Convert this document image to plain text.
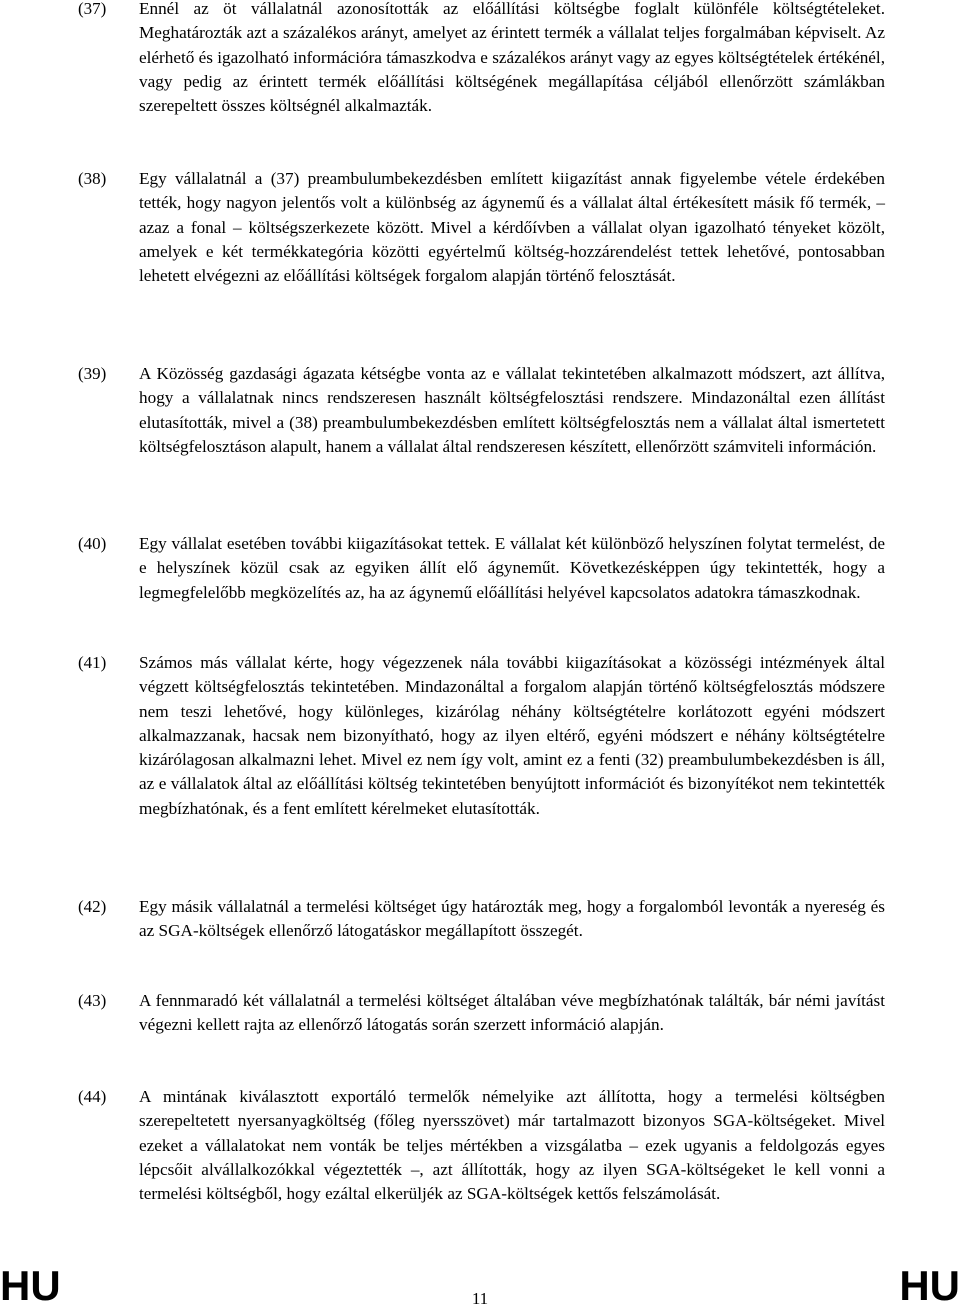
(37) Ennél az öt vállalatnál azonosították az előállítási költségbe foglalt különféle költségtételeket. Meghatározták azt a százalékos arányt, amelyet az érintett termék a vállalat teljes forgalmában képviselt. Az elérhető és igazolható információra támaszkodva e százalékos arányt vagy az egyes költségtételek értékénél, vagy pedig az érintett termék előállítási költségének megállapítása céljából ellenőrzött számlákban szerepeltett összes költségnél alkalmazták.
(38) Egy vállalatnál a (37) preambulumbekezdésben említett kiigazítást annak figyelembe vétele érdekében tették, hogy nagyon jelentős volt a különbség az ágynemű és a vállalat által értékesített másik fő termék, – azaz a fonal – költségszerkezete között. Mivel a kérdőívben a vállalat olyan igazolható tényeket közölt, amelyek e két termékkategória közötti egyértelmű költség-hozzárendelést tettek lehetővé, pontosabban lehetett elvégezni az előállítási költségek forgalom alapján történő felosztását.
(39) A Közösség gazdasági ágazata kétségbe vonta az e vállalat tekintetében alkalmazott módszert, azt állítva, hogy a vállalatnak nincs rendszeresen használt költségfelosztási rendszere. Mindazonáltal ezen állítást elutasították, mivel a (38) preambulumbekezdésben említett költségfelosztás nem a vállalat által ismertetett költségfelosztáson alapult, hanem a vállalat által rendszeresen készített, ellenőrzött számviteli információn.
(40) Egy vállalat esetében további kiigazításokat tettek. E vállalat két különböző helyszínen folytat termelést, de e helyszínek közül csak az egyiken állít elő ágyneműt. Következésképpen úgy tekintették, hogy a legmegfelelőbb megközelítés az, ha az ágynemű előállítási helyével kapcsolatos adatokra támaszkodnak.
(41) Számos más vállalat kérte, hogy végezzenek nála további kiigazításokat a közösségi intézmények által végzett költségfelosztás tekintetében. Mindazonáltal a forgalom alapján történő költségfelosztás módszere nem teszi lehetővé, hogy különleges, kizárólag néhány költségtételre korlátozott egyéni módszert alkalmazzanak, hacsak nem bizonyítható, hogy az ilyen eltérő, egyéni módszert e néhány költségtételre kizárólagosan alkalmazni lehet. Mivel ez nem így volt, amint ez a fenti (32) preambulumbekezdésben is áll, az e vállalatok által az előállítási költség tekintetében benyújtott információt és bizonyítékot nem tekintették megbízhatónak, és a fent említett kérelmeket elutasították.
(42) Egy másik vállalatnál a termelési költséget úgy határozták meg, hogy a forgalomból levonták a nyereség és az SGA-költségek ellenőrző látogatáskor megállapított összegét.
(43) A fennmaradó két vállalatnál a termelési költséget általában véve megbízhatónak találták, bár némi javítást végezni kellett rajta az ellenőrző látogatás során szerzett információ alapján.
(44) A mintának kiválasztott exportáló termelők némelyike azt állította, hogy a termelési költségben szerepeltetett nyersanyagköltség (főleg nyersszövet) már tartalmazott bizonyos SGA-költségeket. Mivel ezeket a vállalatokat nem vonták be teljes mértékben a vizsgálatba – ezek ugyanis a feldolgozás egyes lépcsőit alvállalkozókkal végeztették –, azt állították, hogy az ilyen SGA-költségeket le kell vonni a termelési költségből, hogy ezáltal elkerüljék az SGA-költségek kettős felszámolását.
HU	11	HU
